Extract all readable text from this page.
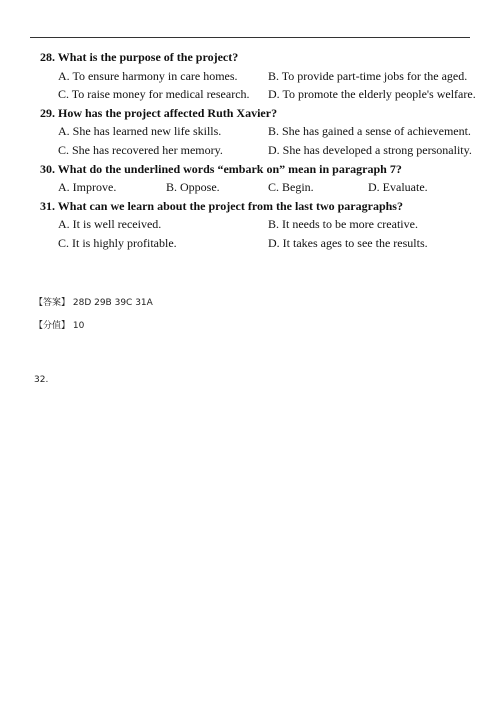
28. What is the purpose of the project?
A. To ensure harmony in care homes.	B. To provide part-time jobs for the aged.
C. To raise money for medical research. D. To promote the elderly people's welfare.
29. How has the project affected Ruth Xavier?
A. She has learned new life skills.	B. She has gained a sense of achievement.
C. She has recovered her memory.	D. She has developed a strong personality.
30. What do the underlined words “embark on” mean in paragraph 7?
A. Improve.	B. Oppose.	C. Begin.	D. Evaluate.
31. What can we learn about the project from the last two paragraphs?
A. It is well received.	B. It needs to be more creative.
C. It is highly profitable.	D. It takes ages to see the results.
【答案】 28D 29B 39C 31A
【分值】 10
32.
